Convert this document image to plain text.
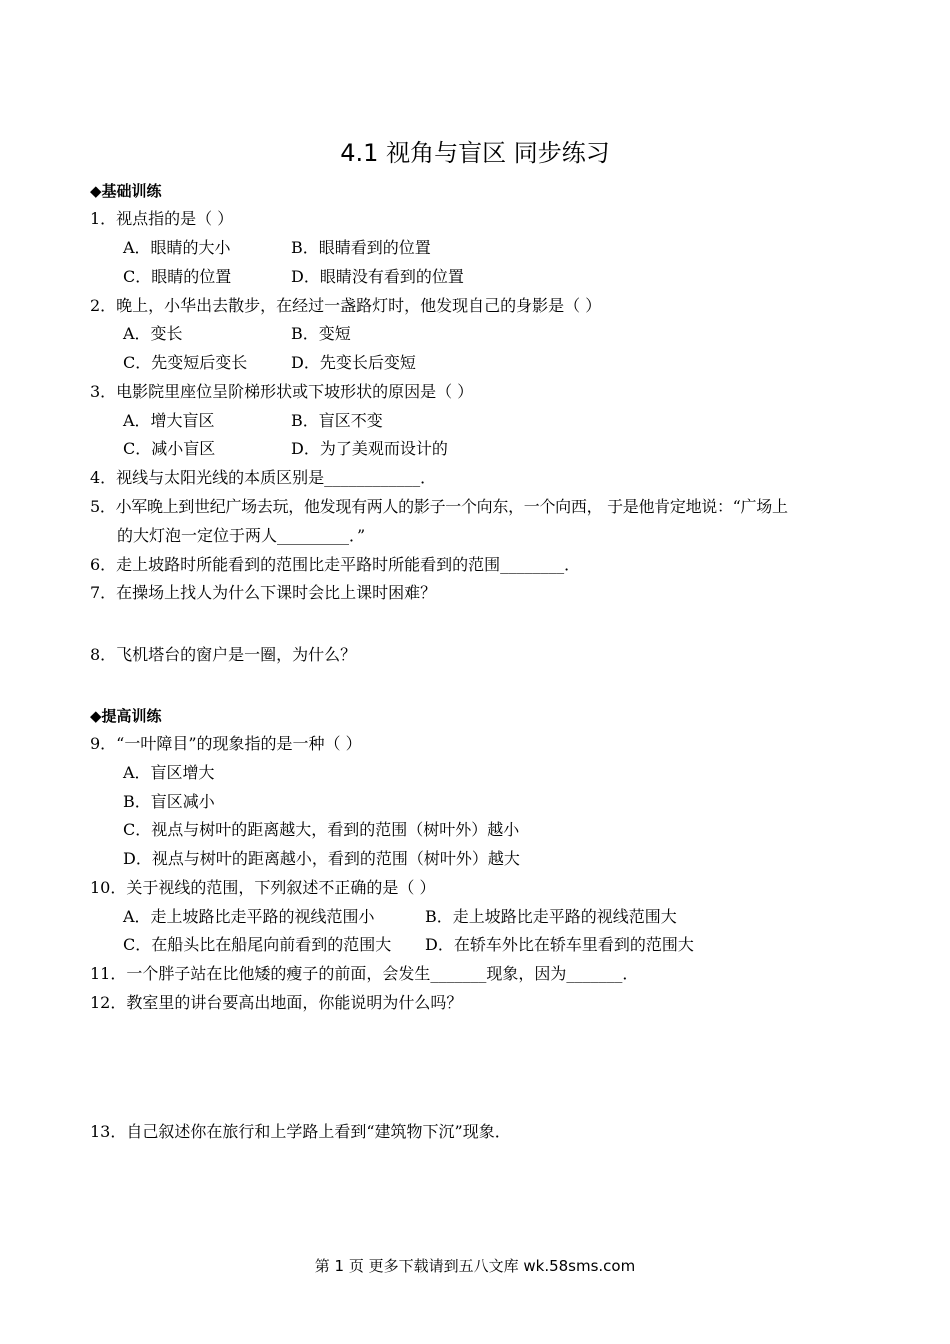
4.1 视角与盲区 同步练习
◆基础训练
1．视点指的是（ ）
A．眼睛的大小	B．眼睛看到的位置
C．眼睛的位置	D．眼睛没有看到的位置
2．晚上，小华出去散步，在经过一盏路灯时，他发现自己的身影是（ ）
A．变长	B．变短
C．先变短后变长	D．先变长后变短
3．电影院里座位呈阶梯形状或下坡形状的原因是（ ）
A．增大盲区	B．盲区不变
C．减小盲区	D．为了美观而设计的
4．视线与太阳光线的本质区别是____________．
5．小军晚上到世纪广场去玩，他发现有两人的影子一个向东，一个向西， 于是他肯定地说：“广场上
的大灯泡一定位于两人_________．”
6．走上坡路时所能看到的范围比走平路时所能看到的范围________．
7．在操场上找人为什么下课时会比上课时困难？
8．飞机塔台的窗户是一圈，为什么？
◆提高训练
9．“一叶障目”的现象指的是一种（ ）
A．盲区增大
B．盲区减小
C．视点与树叶的距离越大，看到的范围（树叶外）越小
D．视点与树叶的距离越小，看到的范围（树叶外）越大
10．关于视线的范围，下列叙述不正确的是（ ）
A．走上坡路比走平路的视线范围小	B．走上坡路比走平路的视线范围大
C．在船头比在船尾向前看到的范围大 D．在轿车外比在轿车里看到的范围大
11．一个胖子站在比他矮的瘦子的前面，会发生_______现象，因为_______．
12．教室里的讲台要高出地面，你能说明为什么吗？
13．自己叙述你在旅行和上学路上看到“建筑物下沉”现象．
第 1 页 更多下载请到五八文库 wk.58sms.com
